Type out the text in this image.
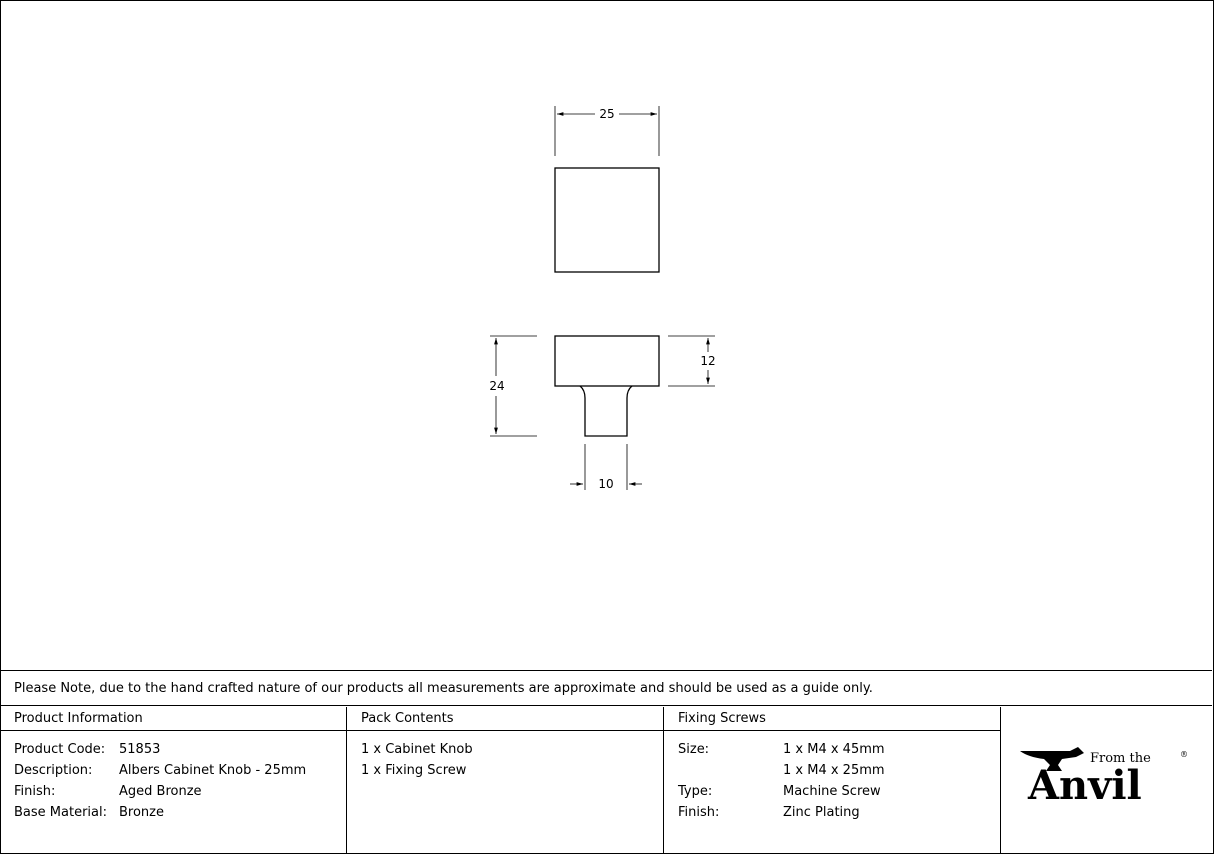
25
24
12
10
Please Note, due to the hand crafted nature of our products all measurements are approximate and should be used as a guide only.
Product Information
Product Code: 51853
Description: Albers Cabinet Knob - 25mm
Finish:	Aged Bronze
Base Material: Bronze
Pack Contents
1 x Cabinet Knob
1 x Fixing Screw
Fixing Screws
Size:	1 x M4 x 45mm
1 x M4 x 25mm
Type:	Machine Screw
Finish:	Zinc Plating
From the	®
Anvil
